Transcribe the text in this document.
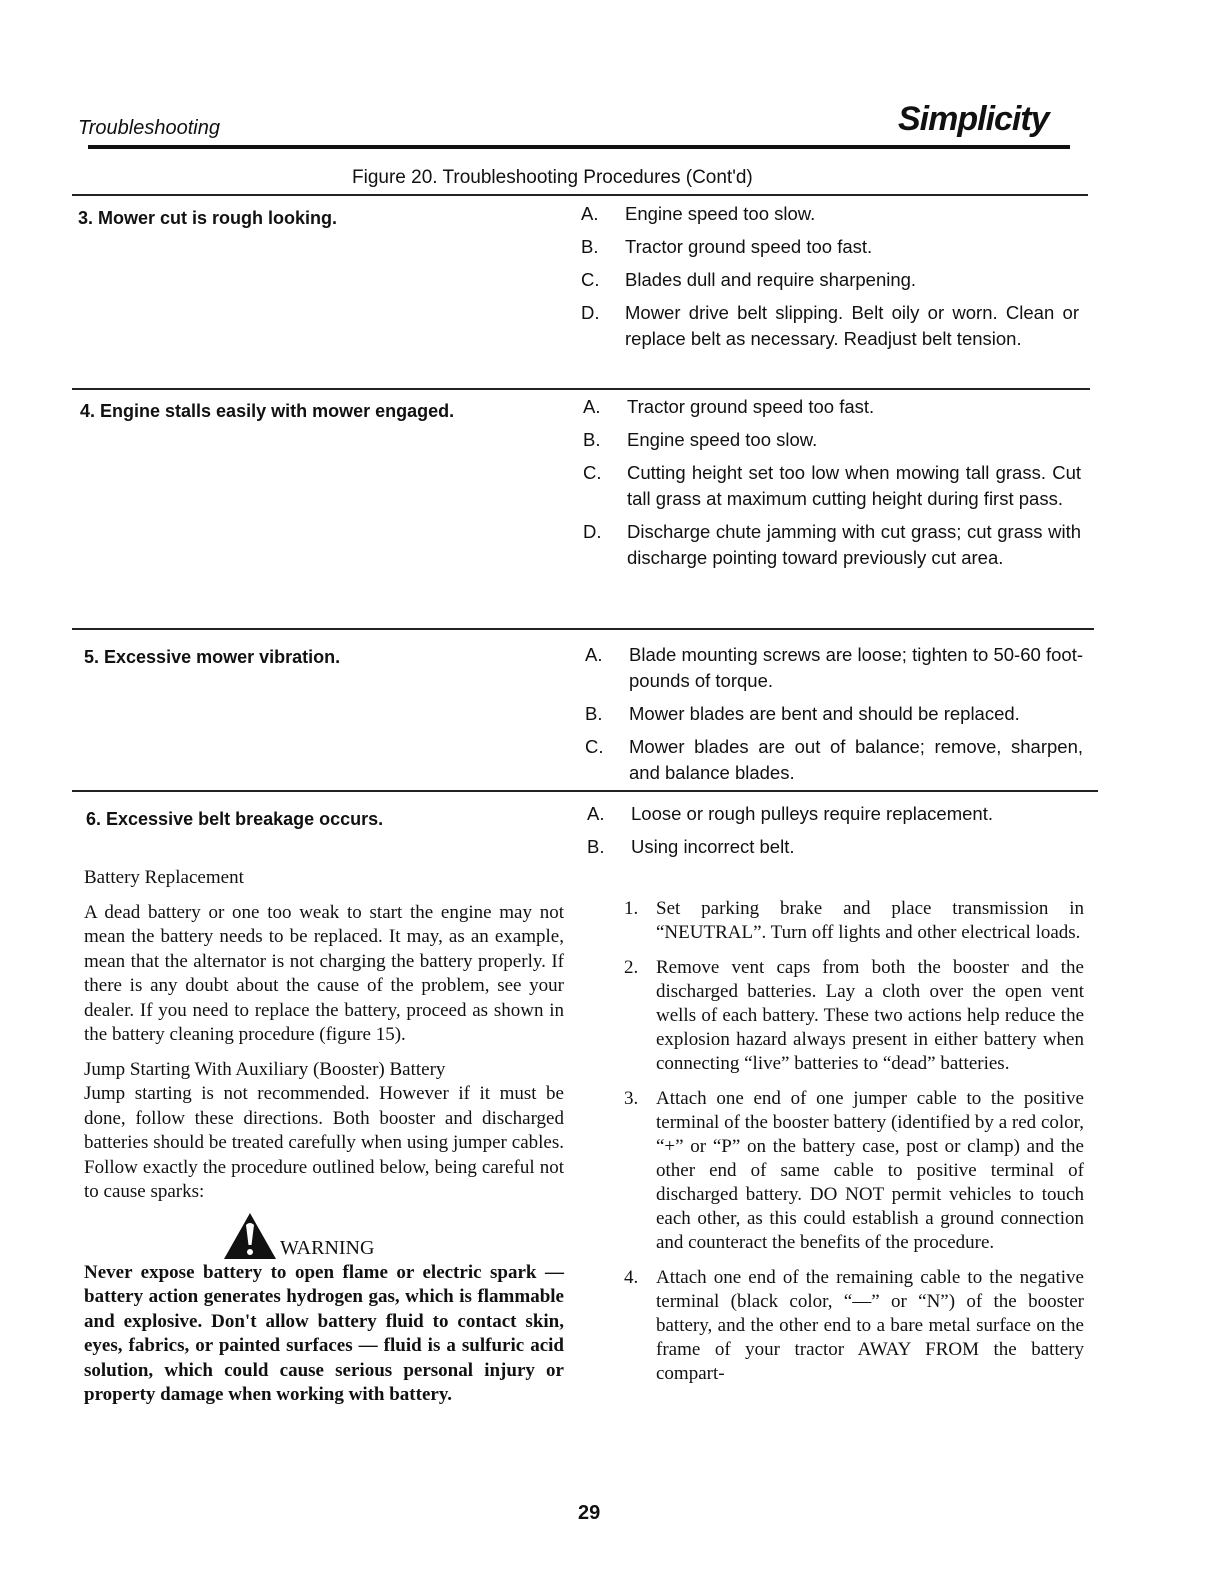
Troubleshooting	Simplicity
Figure 20. Troubleshooting Procedures (Cont'd)
3. Mower cut is rough looking.	A.	Engine speed too slow.
B.	Tractor ground speed too fast.
C.	Blades dull and require sharpening.
D.	Mower drive belt slipping. Belt oily or worn. Clean or replace belt as necessary. Readjust belt tension.
4. Engine stalls easily with mower engaged.	A.	Tractor ground speed too fast.
B.	Engine speed too slow.
C.	Cutting height set too low when mowing tall grass. Cut tall grass at maximum cutting height during first pass.
D.	Discharge chute jamming with cut grass; cut grass with discharge pointing toward previously cut area.
5. Excessive mower vibration.	A.	Blade mounting screws are loose; tighten to 50-60 foot-pounds of torque.
B.	Mower blades are bent and should be replaced.
C.	Mower blades are out of balance; remove, sharpen, and balance blades.
6. Excessive belt breakage occurs.	A.	Loose or rough pulleys require replacement.
B.	Using incorrect belt.
Battery Replacement

A dead battery or one too weak to start the engine may not mean the battery needs to be replaced. It may, as an example, mean that the alternator is not charging the battery properly. If there is any doubt about the cause of the problem, see your dealer. If you need to replace the battery, proceed as shown in the battery cleaning procedure (figure 15).

Jump Starting With Auxiliary (Booster) Battery

Jump starting is not recommended. However if it must be done, follow these directions. Both booster and discharged batteries should be treated carefully when using jumper cables. Follow exactly the procedure outlined below, being careful not to cause sparks:

WARNING

Never expose battery to open flame or electric spark — battery action generates hydrogen gas, which is flammable and explosive. Don't allow battery fluid to contact skin, eyes, fabrics, or painted surfaces — fluid is a sulfuric acid solution, which could cause serious personal injury or property damage when working with battery.

1. Set parking brake and place transmission in “NEUTRAL”. Turn off lights and other electrical loads.
2. Remove vent caps from both the booster and the discharged batteries. Lay a cloth over the open vent wells of each battery. These two actions help reduce the explosion hazard always present in either battery when connecting “live” batteries to “dead” batteries.
3. Attach one end of one jumper cable to the positive terminal of the booster battery (identified by a red color, “+” or “P” on the battery case, post or clamp) and the other end of same cable to positive terminal of discharged battery. DO NOT permit vehicles to touch each other, as this could establish a ground connection and counteract the benefits of the procedure.
4. Attach one end of the remaining cable to the negative terminal (black color, “—” or “N”) of the booster battery, and the other end to a bare metal surface on the frame of your tractor AWAY FROM the battery compart-
29
